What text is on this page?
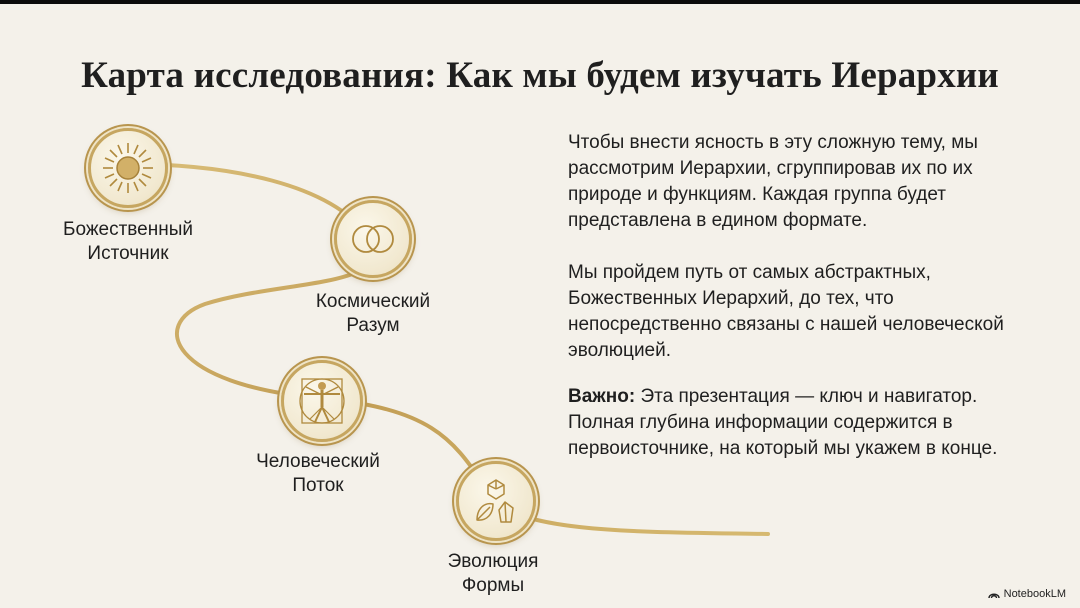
Карта исследования: Как мы будем изучать Иерархии
Божественный
Источник
Космический
Разум
Человеческий
Поток
Эволюция
Формы

Чтобы внести ясность в эту сложную тему, мы рассмотрим Иерархии, сгруппировав их по их природе и функциям. Каждая группа будет представлена в едином формате.

Мы пройдем путь от самых абстрактных, Божественных Иерархий, до тех, что непосредственно связаны с нашей человеческой эволюцией.

Важно: Эта презентация — ключ и навигатор. Полная глубина информации содержится в первоисточнике, на который мы укажем в конце.

NotebookLM
